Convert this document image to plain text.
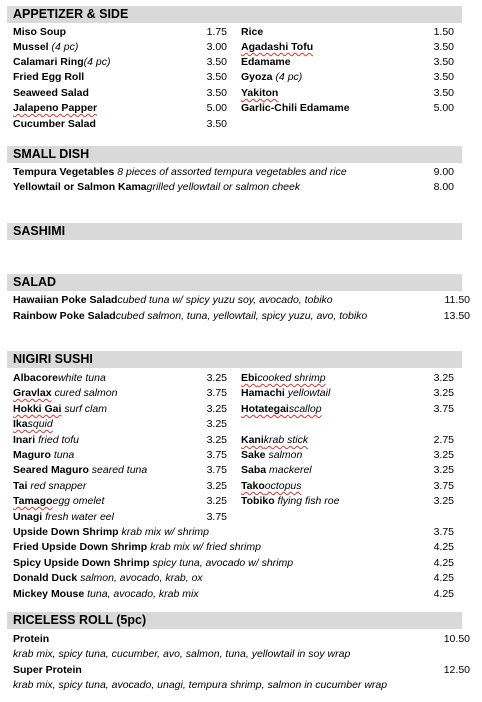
APPETIZER & SIDE
Miso Soup	1.75
Mussel (4 pc)	3.00
Calamari Ring(4 pc)	3.50
Fried Egg Roll	3.50
Seaweed Salad	3.50
Jalapeno Papper	5.00
Cucumber Salad	3.50
Rice	1.50
Agadashi Tofu	3.50
Edamame	3.50
Gyoza (4 pc)	3.50
Yakiton	3.50
Garlic-Chili Edamame	5.00
SMALL DISH
Tempura Vegetables 8 pieces of assorted tempura vegetables and rice	9.00
Yellowtail or Salmon Kamagrilled yellowtail or salmon cheek	8.00
SASHIMI
SALAD
Hawaiian Poke Saladcubed tuna w/ spicy yuzu soy, avocado, tobiko	11.50
Rainbow Poke Saladcubed salmon, tuna, yellowtail, spicy yuzu, avo, tobiko	13.50
NIGIRI SUSHI
Albacorewhite tuna	3.25
Gravlax cured salmon	3.75
Hokki Gai surf clam	3.25
Ikasquid	3.25
Inari fried tofu	3.25
Maguro tuna	3.75
Seared Maguro seared tuna	3.75
Tai red snapper	3.25
Tamagoegg omelet	3.25
Unagi fresh water eel	3.75
Ebicooked shrimp	3.25
Hamachi yellowtail	3.25
Hotategaiscallop	3.75
Kanikrab stick	2.75
Sake salmon	3.25
Saba mackerel	3.25
Takooctopus	3.75
Tobiko flying fish roe	3.25
Upside Down Shrimp krab mix w/ shrimp	3.75
Fried Upside Down Shrimp krab mix w/ fried shrimp	4.25
Spicy Upside Down Shrimp spicy tuna, avocado w/ shrimp	4.25
Donald Duck salmon, avocado, krab, ox	4.25
Mickey Mouse tuna, avocado, krab mix	4.25
RICELESS ROLL (5pc)
Protein	10.50
krab mix, spicy tuna, cucumber, avo, salmon, tuna, yellowtail in soy wrap
Super Protein	12.50
krab mix, spicy tuna, avocado, unagi, tempura shrimp, salmon in cucumber wrap
